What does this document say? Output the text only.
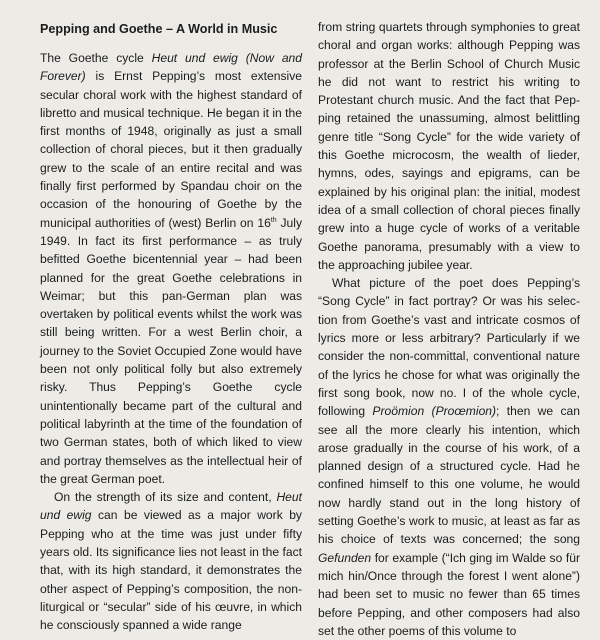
Pepping and Goethe – A World in Music

The Goethe cycle Heut und ewig (Now and Forever) is Ernst Pepping’s most extensive secular choral work with the highest standard of libretto and musical technique. He began it in the first months of 1948, originally as just a small collection of choral pieces, but it then gradually grew to the scale of an entire recital and was finally first performed by Spandau choir on the occasion of the honouring of Goethe by the municipal authorities of (west) Berlin on 16th July 1949. In fact its first performance – as truly befitted Goethe bicentennial year – had been planned for the great Goethe celebrations in Weimar; but this pan-German plan was overtaken by political events whilst the work was still being written. For a west Berlin choir, a journey to the Soviet Occupied Zone would have been not only political folly but also extremely risky. Thus Pepping’s Goethe cycle unintentionally became part of the cultural and political labyrinth at the time of the foundation of two German states, both of which liked to view and portray themselves as the intellectual heir of the great German poet.

On the strength of its size and content, Heut und ewig can be viewed as a major work by Pepping who at the time was just under fifty years old. Its significance lies not least in the fact that, with its high standard, it demonstrates the other aspect of Pepping’s composition, the non-liturgical or “secular” side of his œuvre, in which he consciously spanned a wide range

from string quartets through symphonies to great choral and organ works: although Pepping was professor at the Berlin School of Church Music he did not want to restrict his writing to Protestant church music. And the fact that Pepping retained the unassuming, almost belittling genre title “Song Cycle” for the wide variety of this Goethe microcosm, the wealth of lieder, hymns, odes, sayings and epigrams, can be explained by his original plan: the initial, modest idea of a small collection of choral pieces finally grew into a huge cycle of works of a veritable Goethe panorama, presumably with a view to the approaching jubilee year.

What picture of the poet does Pepping’s “Song Cycle” in fact portray? Or was his selection from Goethe’s vast and intricate cosmos of lyrics more or less arbitrary? Particularly if we consider the non-committal, conventional nature of the lyrics he chose for what was originally the first song book, now no. I of the whole cycle, following Proömion (Proœmion); then we can see all the more clearly his intention, which arose gradually in the course of his work, of a planned design of a structured cycle. Had he confined himself to this one volume, he would now hardly stand out in the long history of setting Goethe’s work to music, at least as far as his choice of texts was concerned; the song Gefunden for example (“Ich ging im Walde so für mich hin/Once through the forest I went alone”) had been set to music no fewer than 65 times before Pepping, and other composers had also set the other poems of this volume to
